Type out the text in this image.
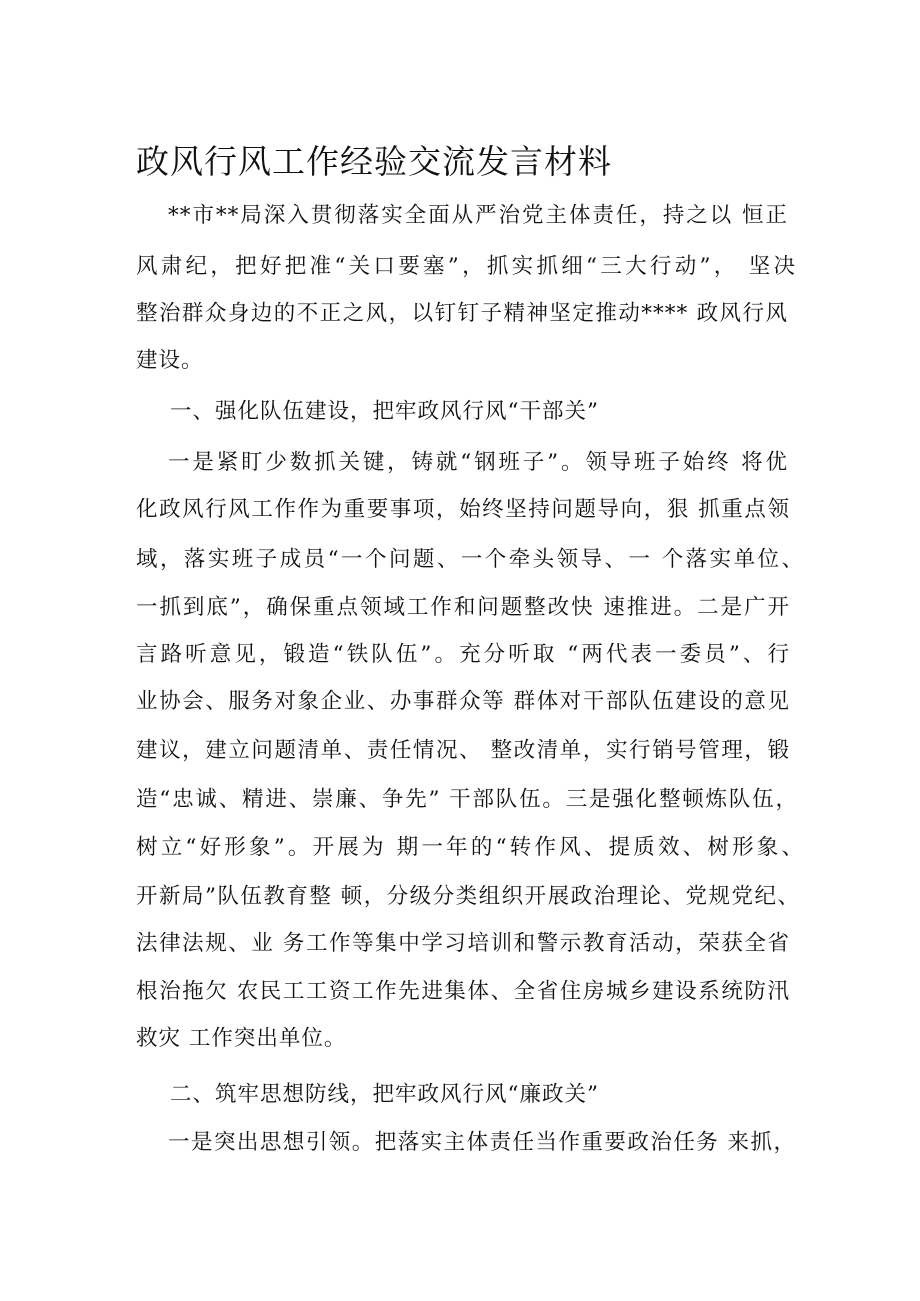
政风行风工作经验交流发言材料
**市**局深入贯彻落实全面从严治党主体责任，持之以 恒正
风肃纪，把好把准“关口要塞”，抓实抓细“三大行动”， 坚决
整治群众身边的不正之风，以钉钉子精神坚定推动**** 政风行风
建设。
一、强化队伍建设，把牢政风行风“干部关”
一是紧盯少数抓关键，铸就“钢班子”。领导班子始终 将优
化政风行风工作作为重要事项，始终坚持问题导向，狠 抓重点领
域，落实班子成员“一个问题、一个牵头领导、一 个落实单位、
一抓到底”，确保重点领域工作和问题整改快 速推进。二是广开
言路听意见，锻造“铁队伍”。充分听取 “两代表一委员”、行
业协会、服务对象企业、办事群众等 群体对干部队伍建设的意见
建议，建立问题清单、责任情况、 整改清单，实行销号管理，锻
造“忠诚、精进、崇廉、争先” 干部队伍。三是强化整顿炼队伍，
树立“好形象”。开展为 期一年的“转作风、提质效、树形象、
开新局”队伍教育整 顿，分级分类组织开展政治理论、党规党纪、
法律法规、业 务工作等集中学习培训和警示教育活动，荣获全省
根治拖欠 农民工工资工作先进集体、全省住房城乡建设系统防汛
救灾 工作突出单位。
二、筑牢思想防线，把牢政风行风“廉政关”
一是突出思想引领。把落实主体责任当作重要政治任务 来抓，
